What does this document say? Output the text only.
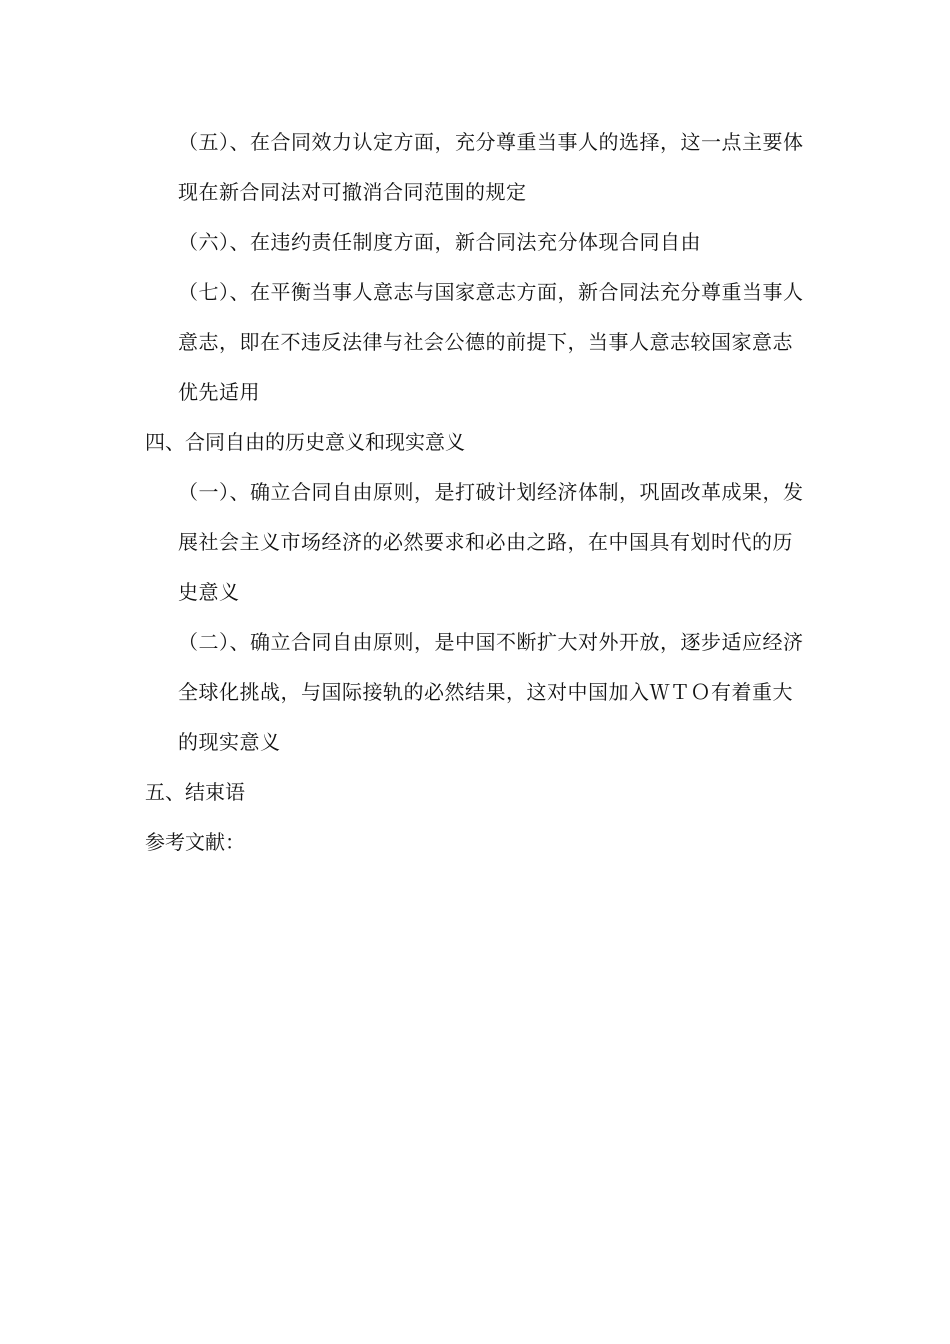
（五）、在合同效力认定方面，充分尊重当事人的选择，这一点主要体现在新合同法对可撤消合同范围的规定

（六）、在违约责任制度方面，新合同法充分体现合同自由

（七）、在平衡当事人意志与国家意志方面，新合同法充分尊重当事人意志，即在不违反法律与社会公德的前提下，当事人意志较国家意志优先适用

四、合同自由的历史意义和现实意义

（一）、确立合同自由原则，是打破计划经济体制，巩固改革成果，发展社会主义市场经济的必然要求和必由之路，在中国具有划时代的历史意义

（二）、确立合同自由原则，是中国不断扩大对外开放，逐步适应经济全球化挑战，与国际接轨的必然结果，这对中国加入ＷＴＯ有着重大的现实意义

五、结束语

参考文献：
